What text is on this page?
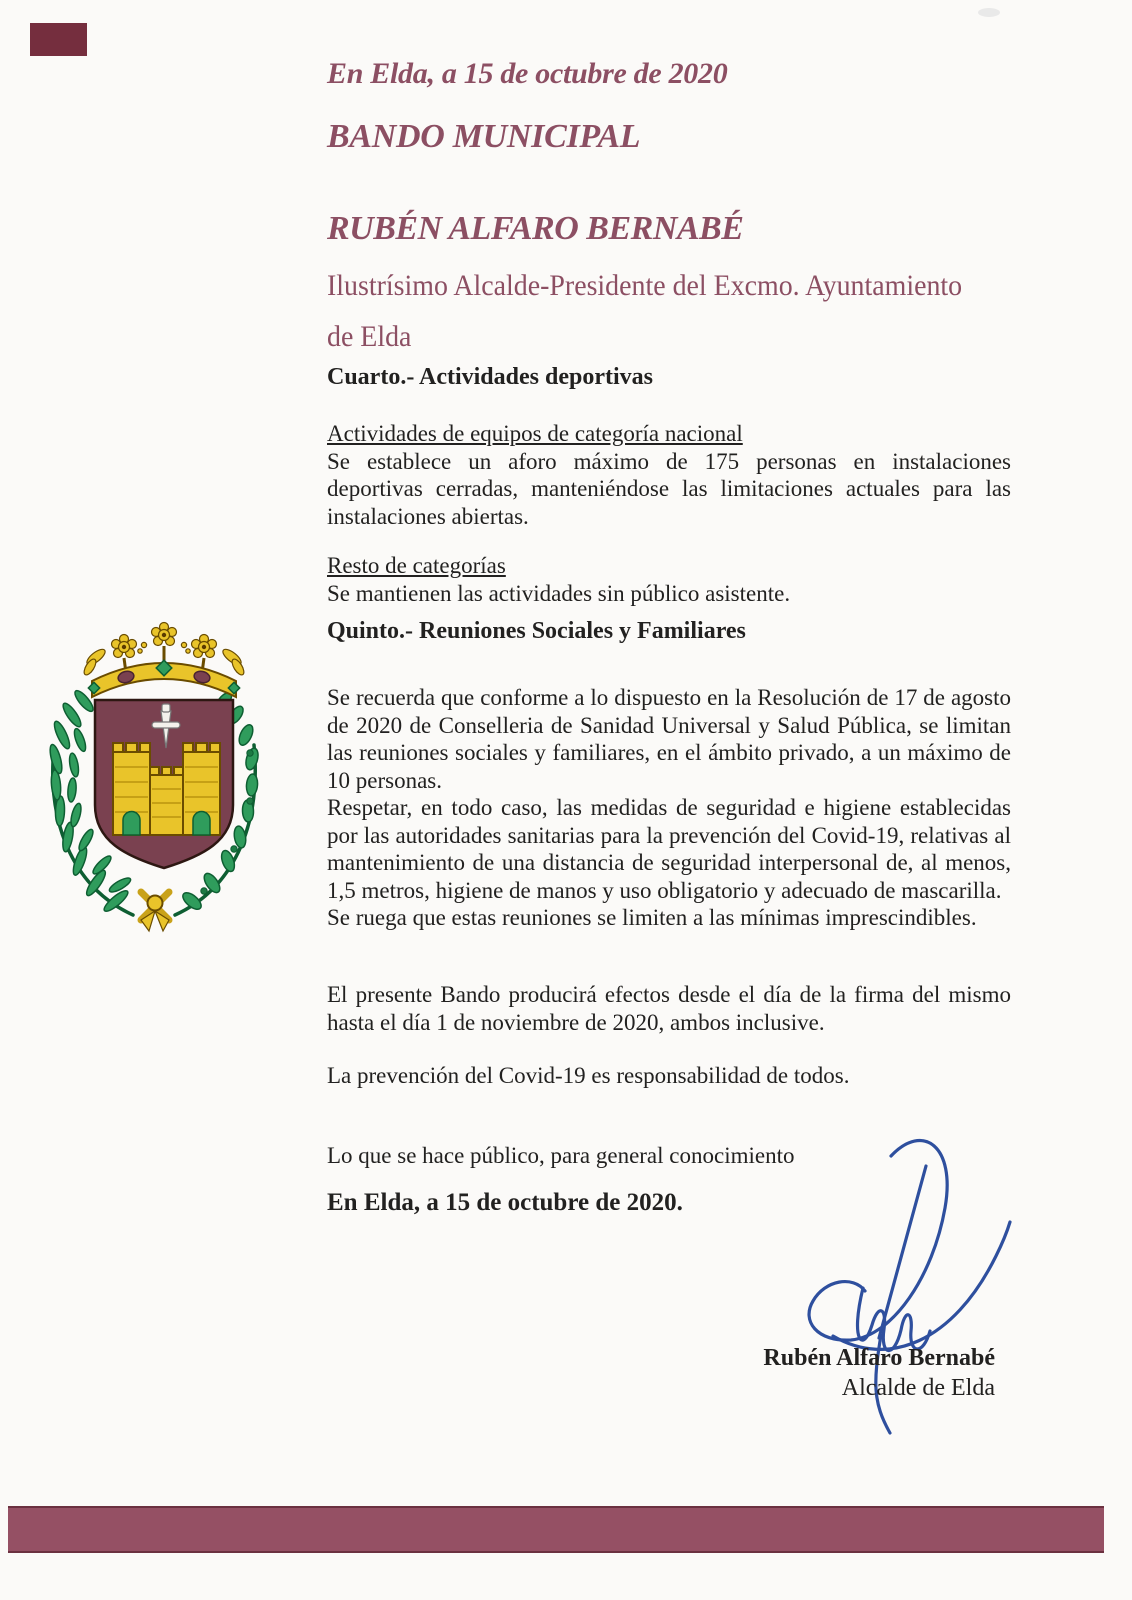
En Elda, a 15 de octubre de 2020
BANDO MUNICIPAL
RUBÉN ALFARO BERNABÉ
Ilustrísimo Alcalde-Presidente del Excmo. Ayuntamiento
de Elda
Cuarto.- Actividades deportivas

Actividades de equipos de categoría nacional

Se establece un aforo máximo de 175 personas en instalaciones deportivas cerradas, manteniéndose las limitaciones actuales para las instalaciones abiertas.

Resto de categorías

Se mantienen las actividades sin público asistente.

Quinto.- Reuniones Sociales y Familiares

Se recuerda que conforme a lo dispuesto en la Resolución de 17 de agosto de 2020 de Conselleria de Sanidad Universal y Salud Pública, se limitan las reuniones sociales y familiares, en el ámbito privado, a un máximo de 10 personas.

Respetar, en todo caso, las medidas de seguridad e higiene establecidas por las autoridades sanitarias para la prevención del Covid-19, relativas al mantenimiento de una distancia de seguridad interpersonal de, al menos, 1,5 metros, higiene de manos y uso obligatorio y adecuado de mascarilla.

Se ruega que estas reuniones se limiten a las mínimas imprescindibles.

El presente Bando producirá efectos desde el día de la firma del mismo hasta el día 1 de noviembre de 2020, ambos inclusive.

La prevención del Covid-19 es responsabilidad de todos.
Lo que se hace público, para general conocimiento
En Elda, a 15 de octubre de 2020.
Rubén Alfaro Bernabé
Alcalde de Elda
